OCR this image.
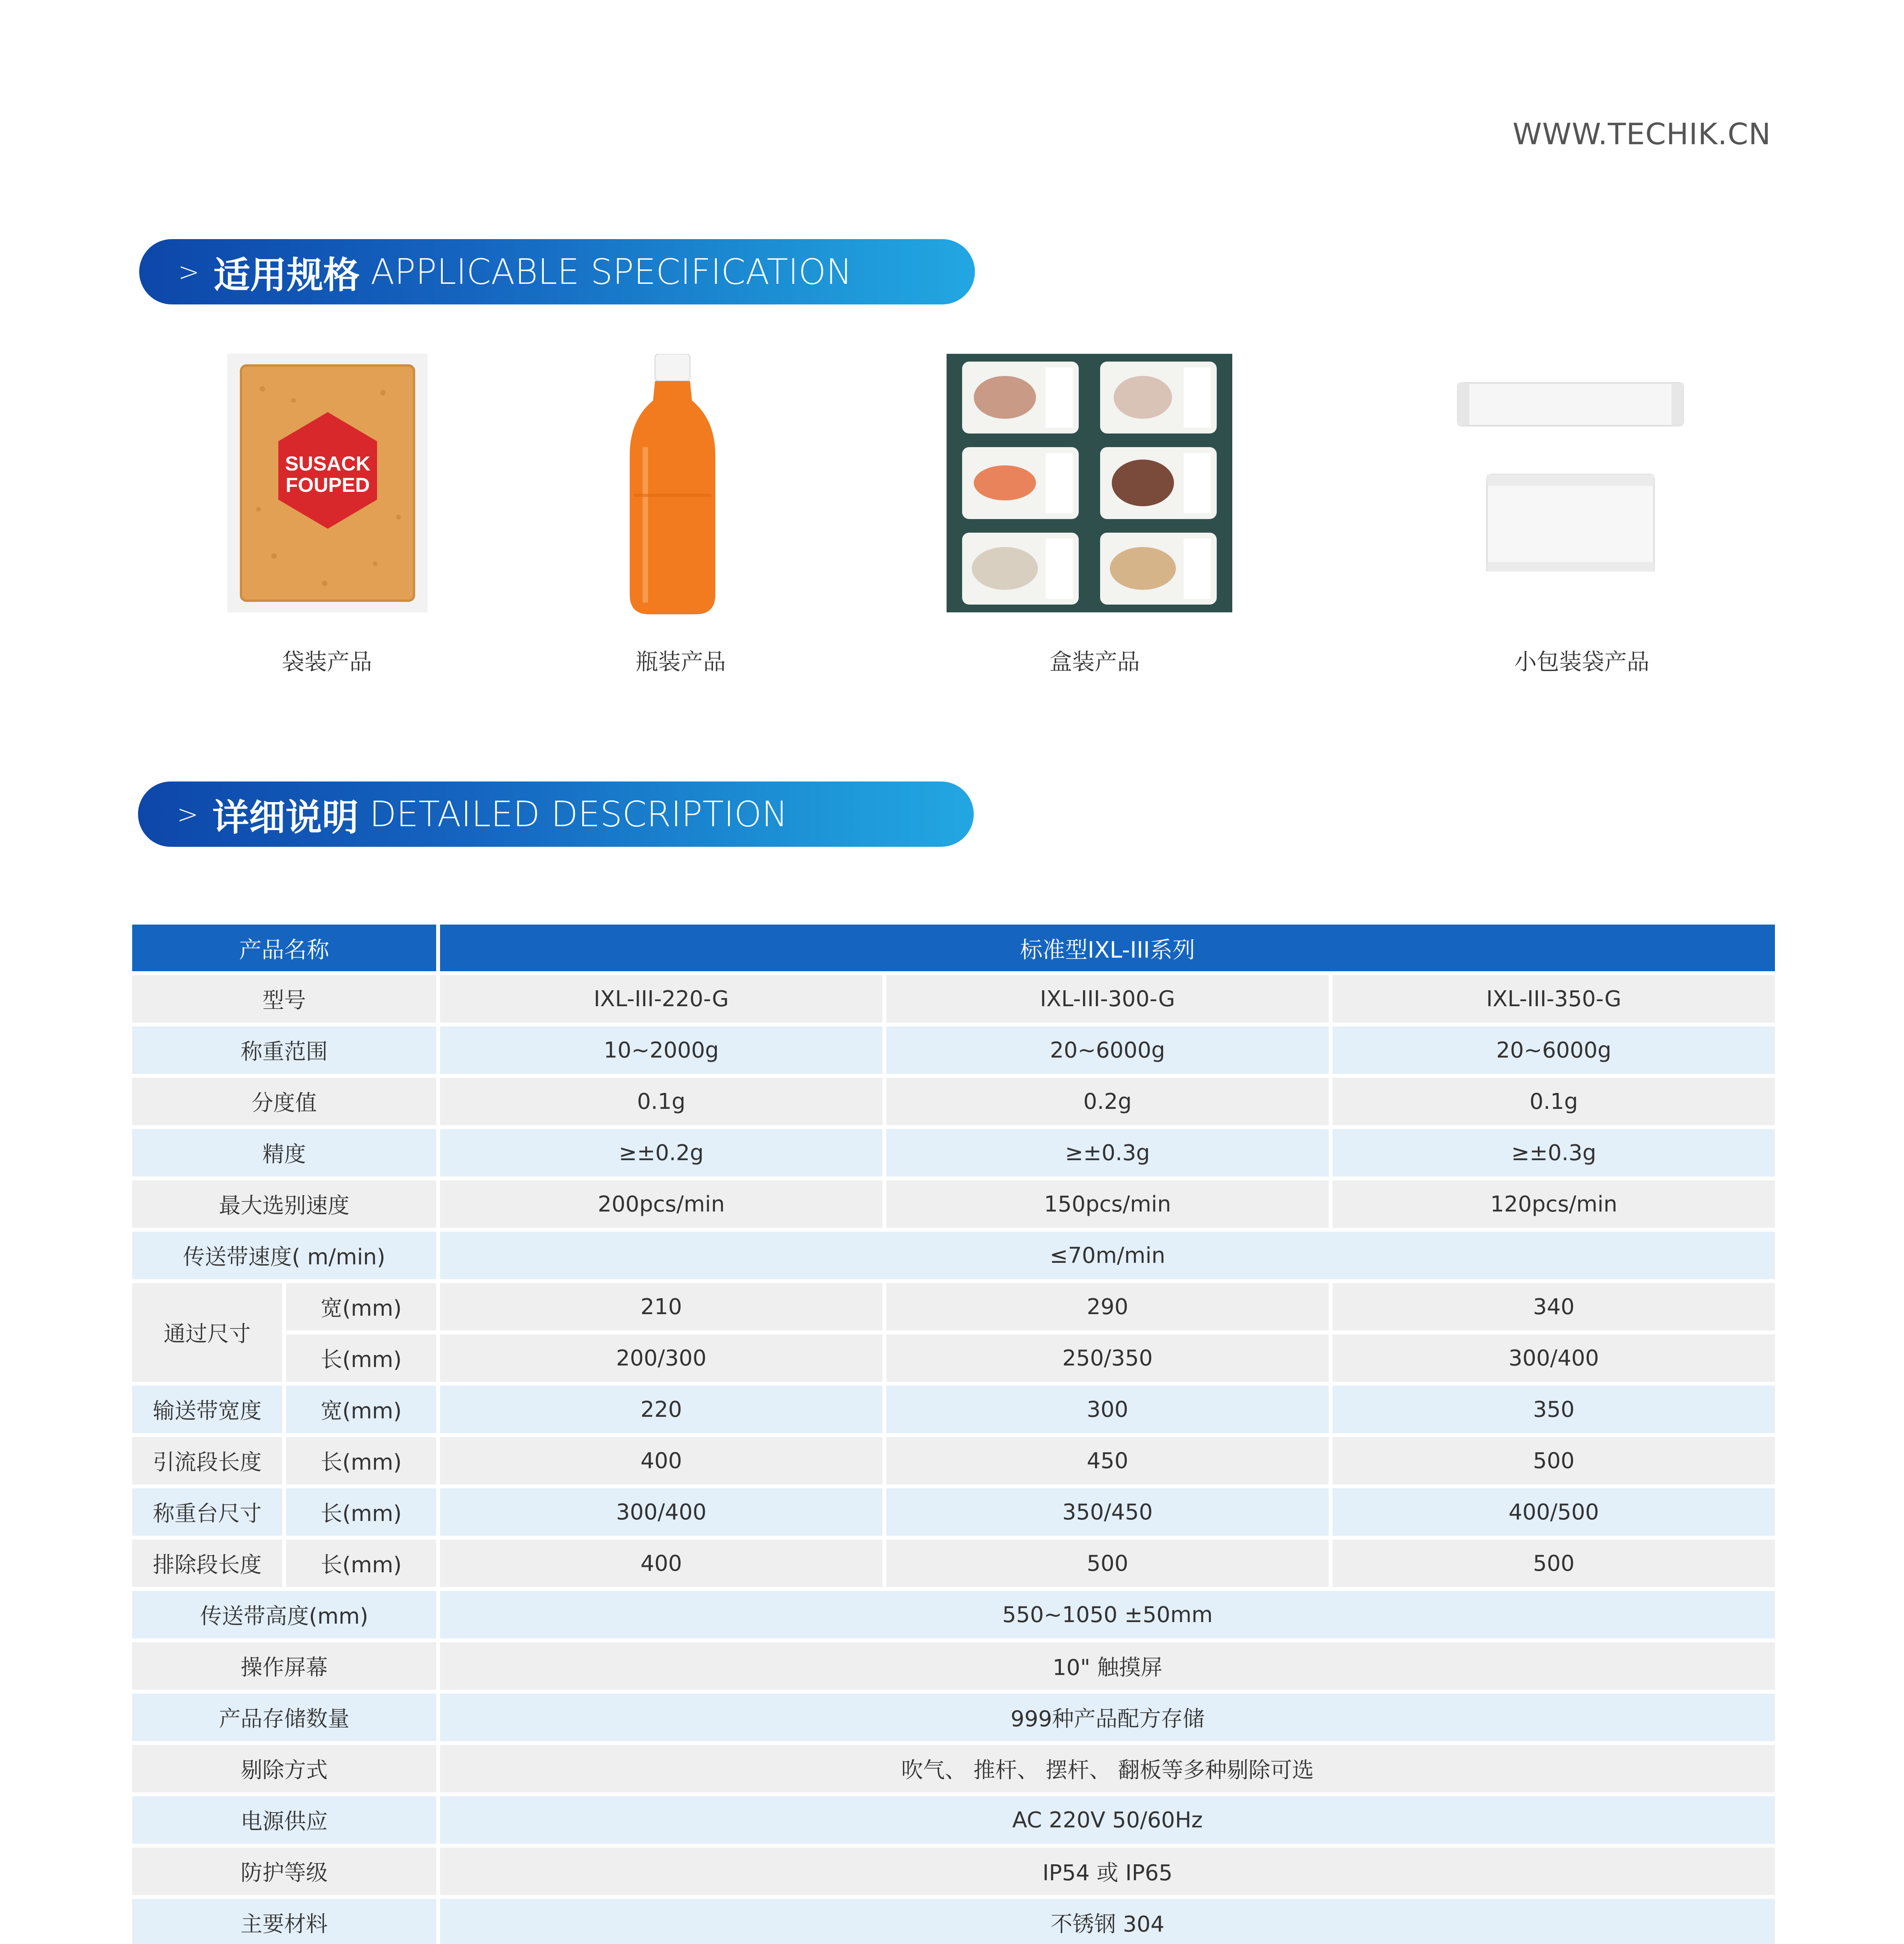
WWW.TECHIK.CN
> 适用规格 APPLICABLE SPECIFICATION
SUSACK
FOUPED
袋装产品	瓶装产品	盒装产品	小包装袋产品
> 详细说明 DETAILED DESCRIPTION
产品名称		标准型IXL-III系列		
型号		IXL-III-220-G	IXL-III-300-G	IXL-III-350-G
称重范围		10~2000g	20~6000g	20~6000g
分度值		0.1g	0.2g	0.1g
精度		≥±0.2g	≥±0.3g	≥±0.3g
最大选别速度		200pcs/min	150pcs/min	120pcs/min
传送带速度( m/min)		≤70m/min		
通过尺寸	宽(mm)	210	290	340
	长(mm)	200/300	250/350	300/400
输送带宽度	宽(mm)	220	300	350
引流段长度	长(mm)	400	450	500
称重台尺寸	长(mm)	300/400	350/450	400/500
排除段长度	长(mm)	400	500	500
传送带高度(mm)		550~1050 ±50mm		
操作屏幕		10" 触摸屏		
产品存储数量		999种产品配方存储		
剔除方式		吹气、 推杆、 摆杆、 翻板等多种剔除可选		
电源供应		AC 220V 50/60Hz		
防护等级		IP54 或 IP65		
主要材料		不锈钢 304		
